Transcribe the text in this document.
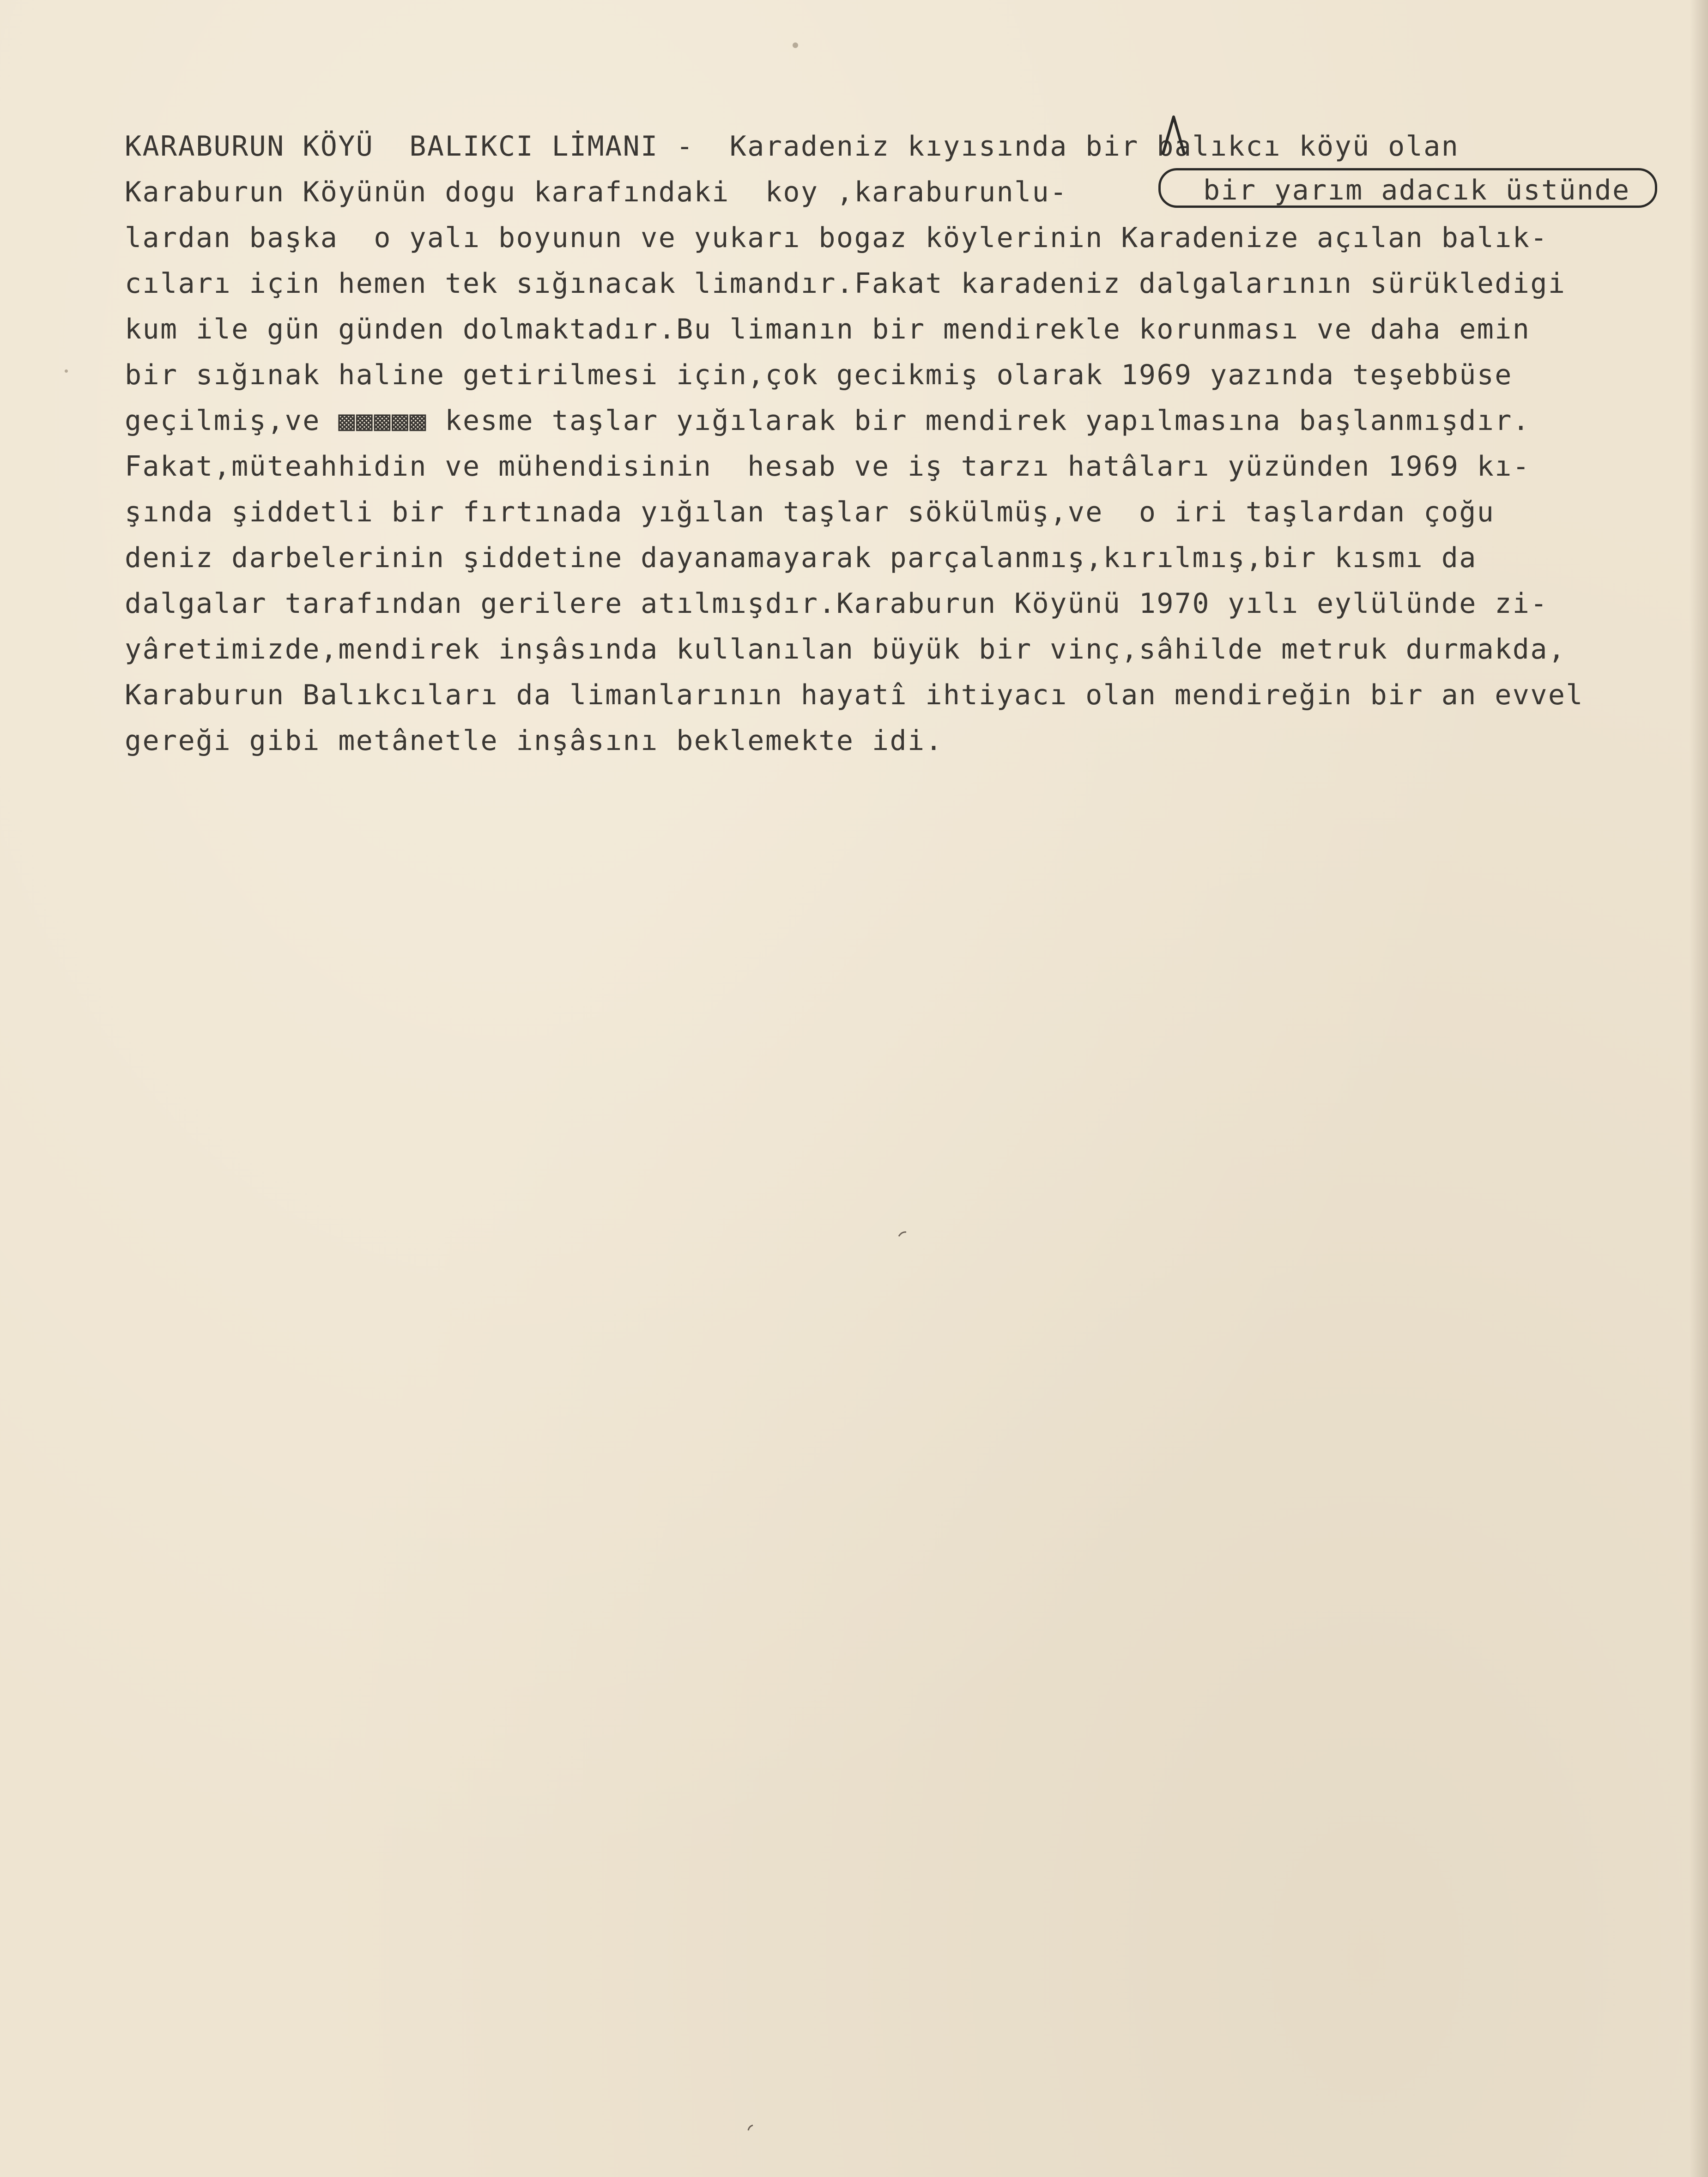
KARABURUN KÖYÜ  BALIKCI LİMANI -  Karadeniz kıyısında bir balıkcı köyü olan
Karaburun Köyünün dogu karafındaki  koy ,karaburunlu-
lardan başka  o yalı boyunun ve yukarı bogaz köylerinin Karadenize açılan balık-
cıları için hemen tek sığınacak limandır.Fakat karadeniz dalgalarının sürükledigi
kum ile gün günden dolmaktadır.Bu limanın bir mendirekle korunması ve daha emin
bir sığınak haline getirilmesi için,çok gecikmiş olarak 1969 yazında teşebbüse
geçilmiş,ve ▩▩▩▩▩ kesme taşlar yığılarak bir mendirek yapılmasına başlanmışdır.
Fakat,müteahhidin ve mühendisinin  hesab ve iş tarzı hatâları yüzünden 1969 kı-
şında şiddetli bir fırtınada yığılan taşlar sökülmüş,ve  o iri taşlardan çoğu
deniz darbelerinin şiddetine dayanamayarak parçalanmış,kırılmış,bir kısmı da
dalgalar tarafından gerilere atılmışdır.Karaburun Köyünü 1970 yılı eylülünde zi-
yâretimizde,mendirek inşâsında kullanılan büyük bir vinç,sâhilde metruk durmakda,
Karaburun Balıkcıları da limanlarının hayatî ihtiyacı olan mendireğin bir an evvel
gereği gibi metânetle inşâsını beklemekte idi.
bir yarım adacık üstünde
